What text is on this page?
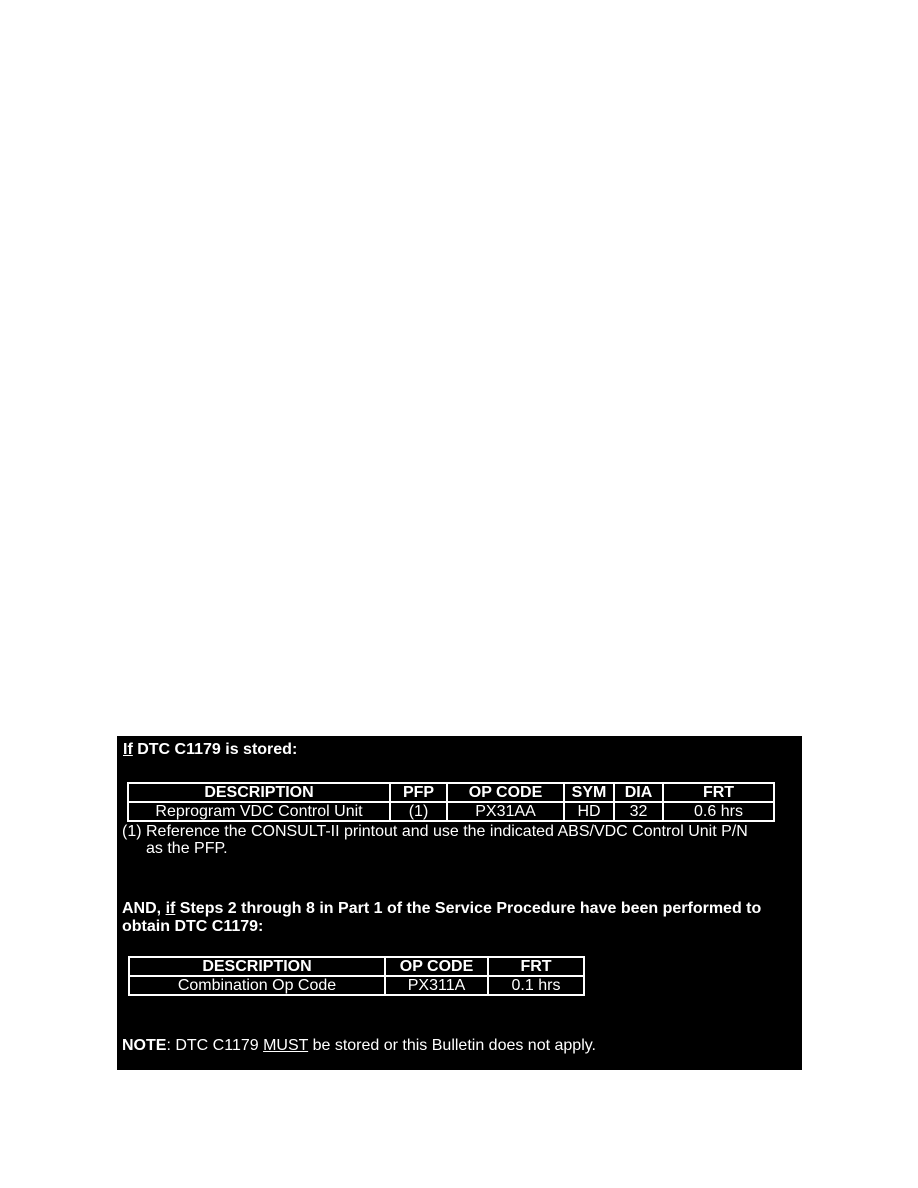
If DTC C1179 is stored:
DESCRIPTION	PFP	OP CODE	SYM	DIA	FRT
Reprogram VDC Control Unit	(1)	PX31AA	HD	32	0.6 hrs
(1) Reference the CONSULT-II printout and use the indicated ABS/VDC Control Unit P/N
as the PFP.
AND, if Steps 2 through 8 in Part 1 of the Service Procedure have been performed to
obtain DTC C1179:
DESCRIPTION	OP CODE	FRT
Combination Op Code	PX311A	0.1 hrs
NOTE: DTC C1179 MUST be stored or this Bulletin does not apply.
